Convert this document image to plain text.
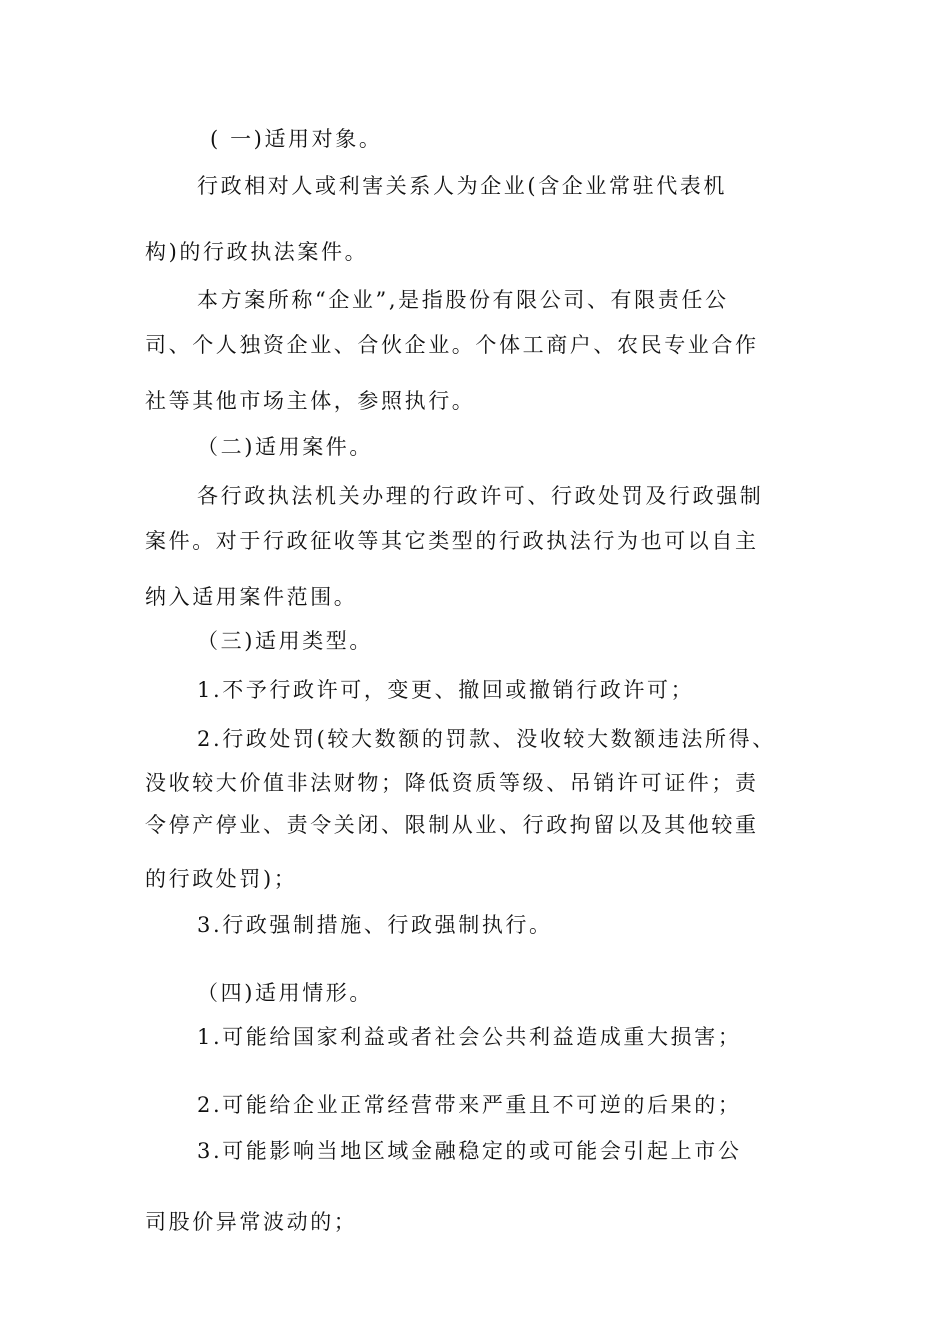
( 一)适用对象。
行政相对人或利害关系人为企业(含企业常驻代表机
构)的行政执法案件。
本方案所称“企业”,是指股份有限公司、有限责任公
司、个人独资企业、合伙企业。个体工商户、农民专业合作
社等其他市场主体，参照执行。
（二)适用案件。
各行政执法机关办理的行政许可、行政处罚及行政强制
案件。对于行政征收等其它类型的行政执法行为也可以自主
纳入适用案件范围。
（三)适用类型。
1.不予行政许可，变更、撤回或撤销行政许可；
2.行政处罚(较大数额的罚款、没收较大数额违法所得、
没收较大价值非法财物；降低资质等级、吊销许可证件；责
令停产停业、责令关闭、限制从业、行政拘留以及其他较重
的行政处罚)；
3.行政强制措施、行政强制执行。
（四)适用情形。
1.可能给国家利益或者社会公共利益造成重大损害；
2.可能给企业正常经营带来严重且不可逆的后果的；
3.可能影响当地区域金融稳定的或可能会引起上市公
司股价异常波动的；
